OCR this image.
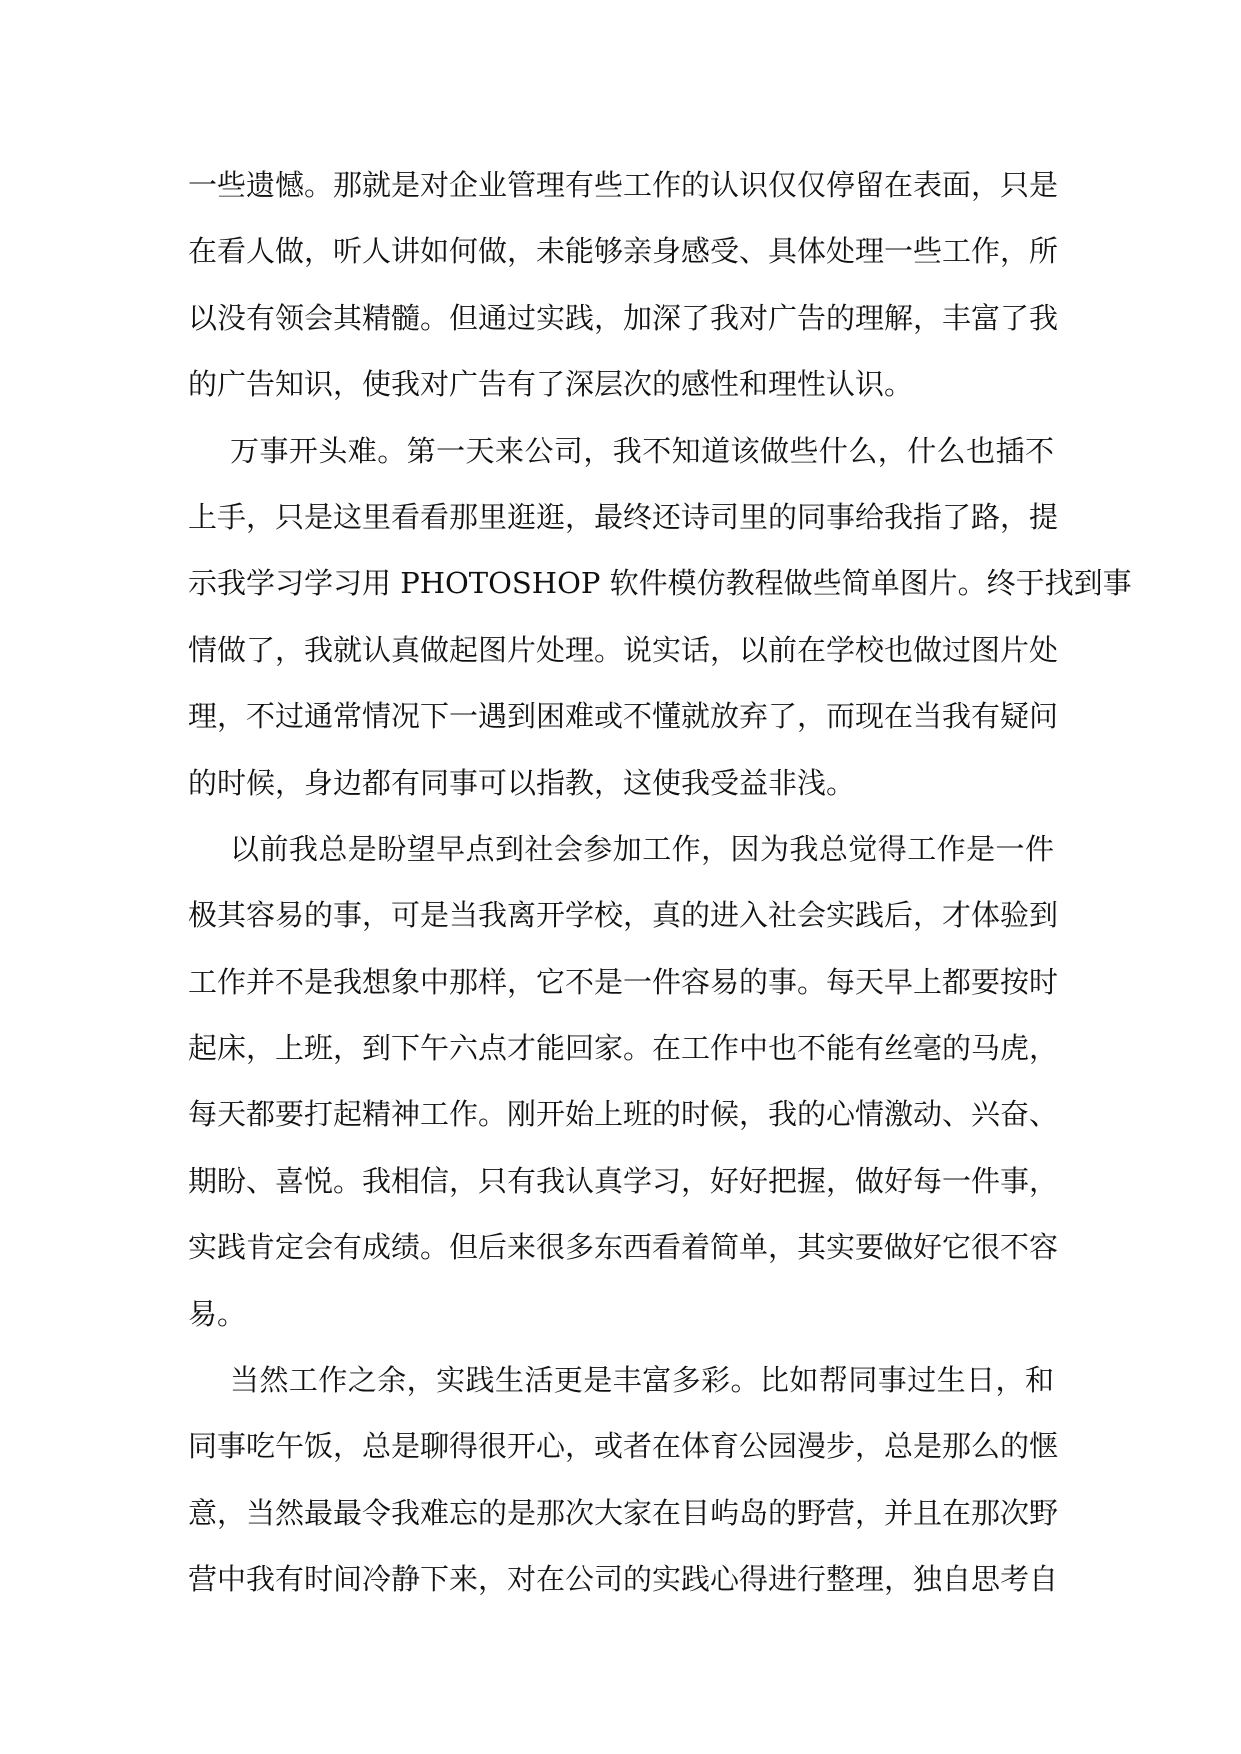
一些遗憾。那就是对企业管理有些工作的认识仅仅停留在表面，只是
在看人做，听人讲如何做，未能够亲身感受、具体处理一些工作，所
以没有领会其精髓。但通过实践，加深了我对广告的理解，丰富了我
的广告知识，使我对广告有了深层次的感性和理性认识。
万事开头难。第一天来公司，我不知道该做些什么，什么也插不
上手，只是这里看看那里逛逛，最终还诗司里的同事给我指了路，提
示我学习学习用 PHOTOSHOP 软件模仿教程做些简单图片。终于找到事
情做了，我就认真做起图片处理。说实话，以前在学校也做过图片处
理，不过通常情况下一遇到困难或不懂就放弃了，而现在当我有疑问
的时候，身边都有同事可以指教，这使我受益非浅。
以前我总是盼望早点到社会参加工作，因为我总觉得工作是一件
极其容易的事，可是当我离开学校，真的进入社会实践后，才体验到
工作并不是我想象中那样，它不是一件容易的事。每天早上都要按时
起床，上班，到下午六点才能回家。在工作中也不能有丝毫的马虎，
每天都要打起精神工作。刚开始上班的时候，我的心情激动、兴奋、
期盼、喜悦。我相信，只有我认真学习，好好把握，做好每一件事，
实践肯定会有成绩。但后来很多东西看着简单，其实要做好它很不容
易。
当然工作之余，实践生活更是丰富多彩。比如帮同事过生日，和
同事吃午饭，总是聊得很开心，或者在体育公园漫步，总是那么的惬
意，当然最最令我难忘的是那次大家在目屿岛的野营，并且在那次野
营中我有时间冷静下来，对在公司的实践心得进行整理，独自思考自
